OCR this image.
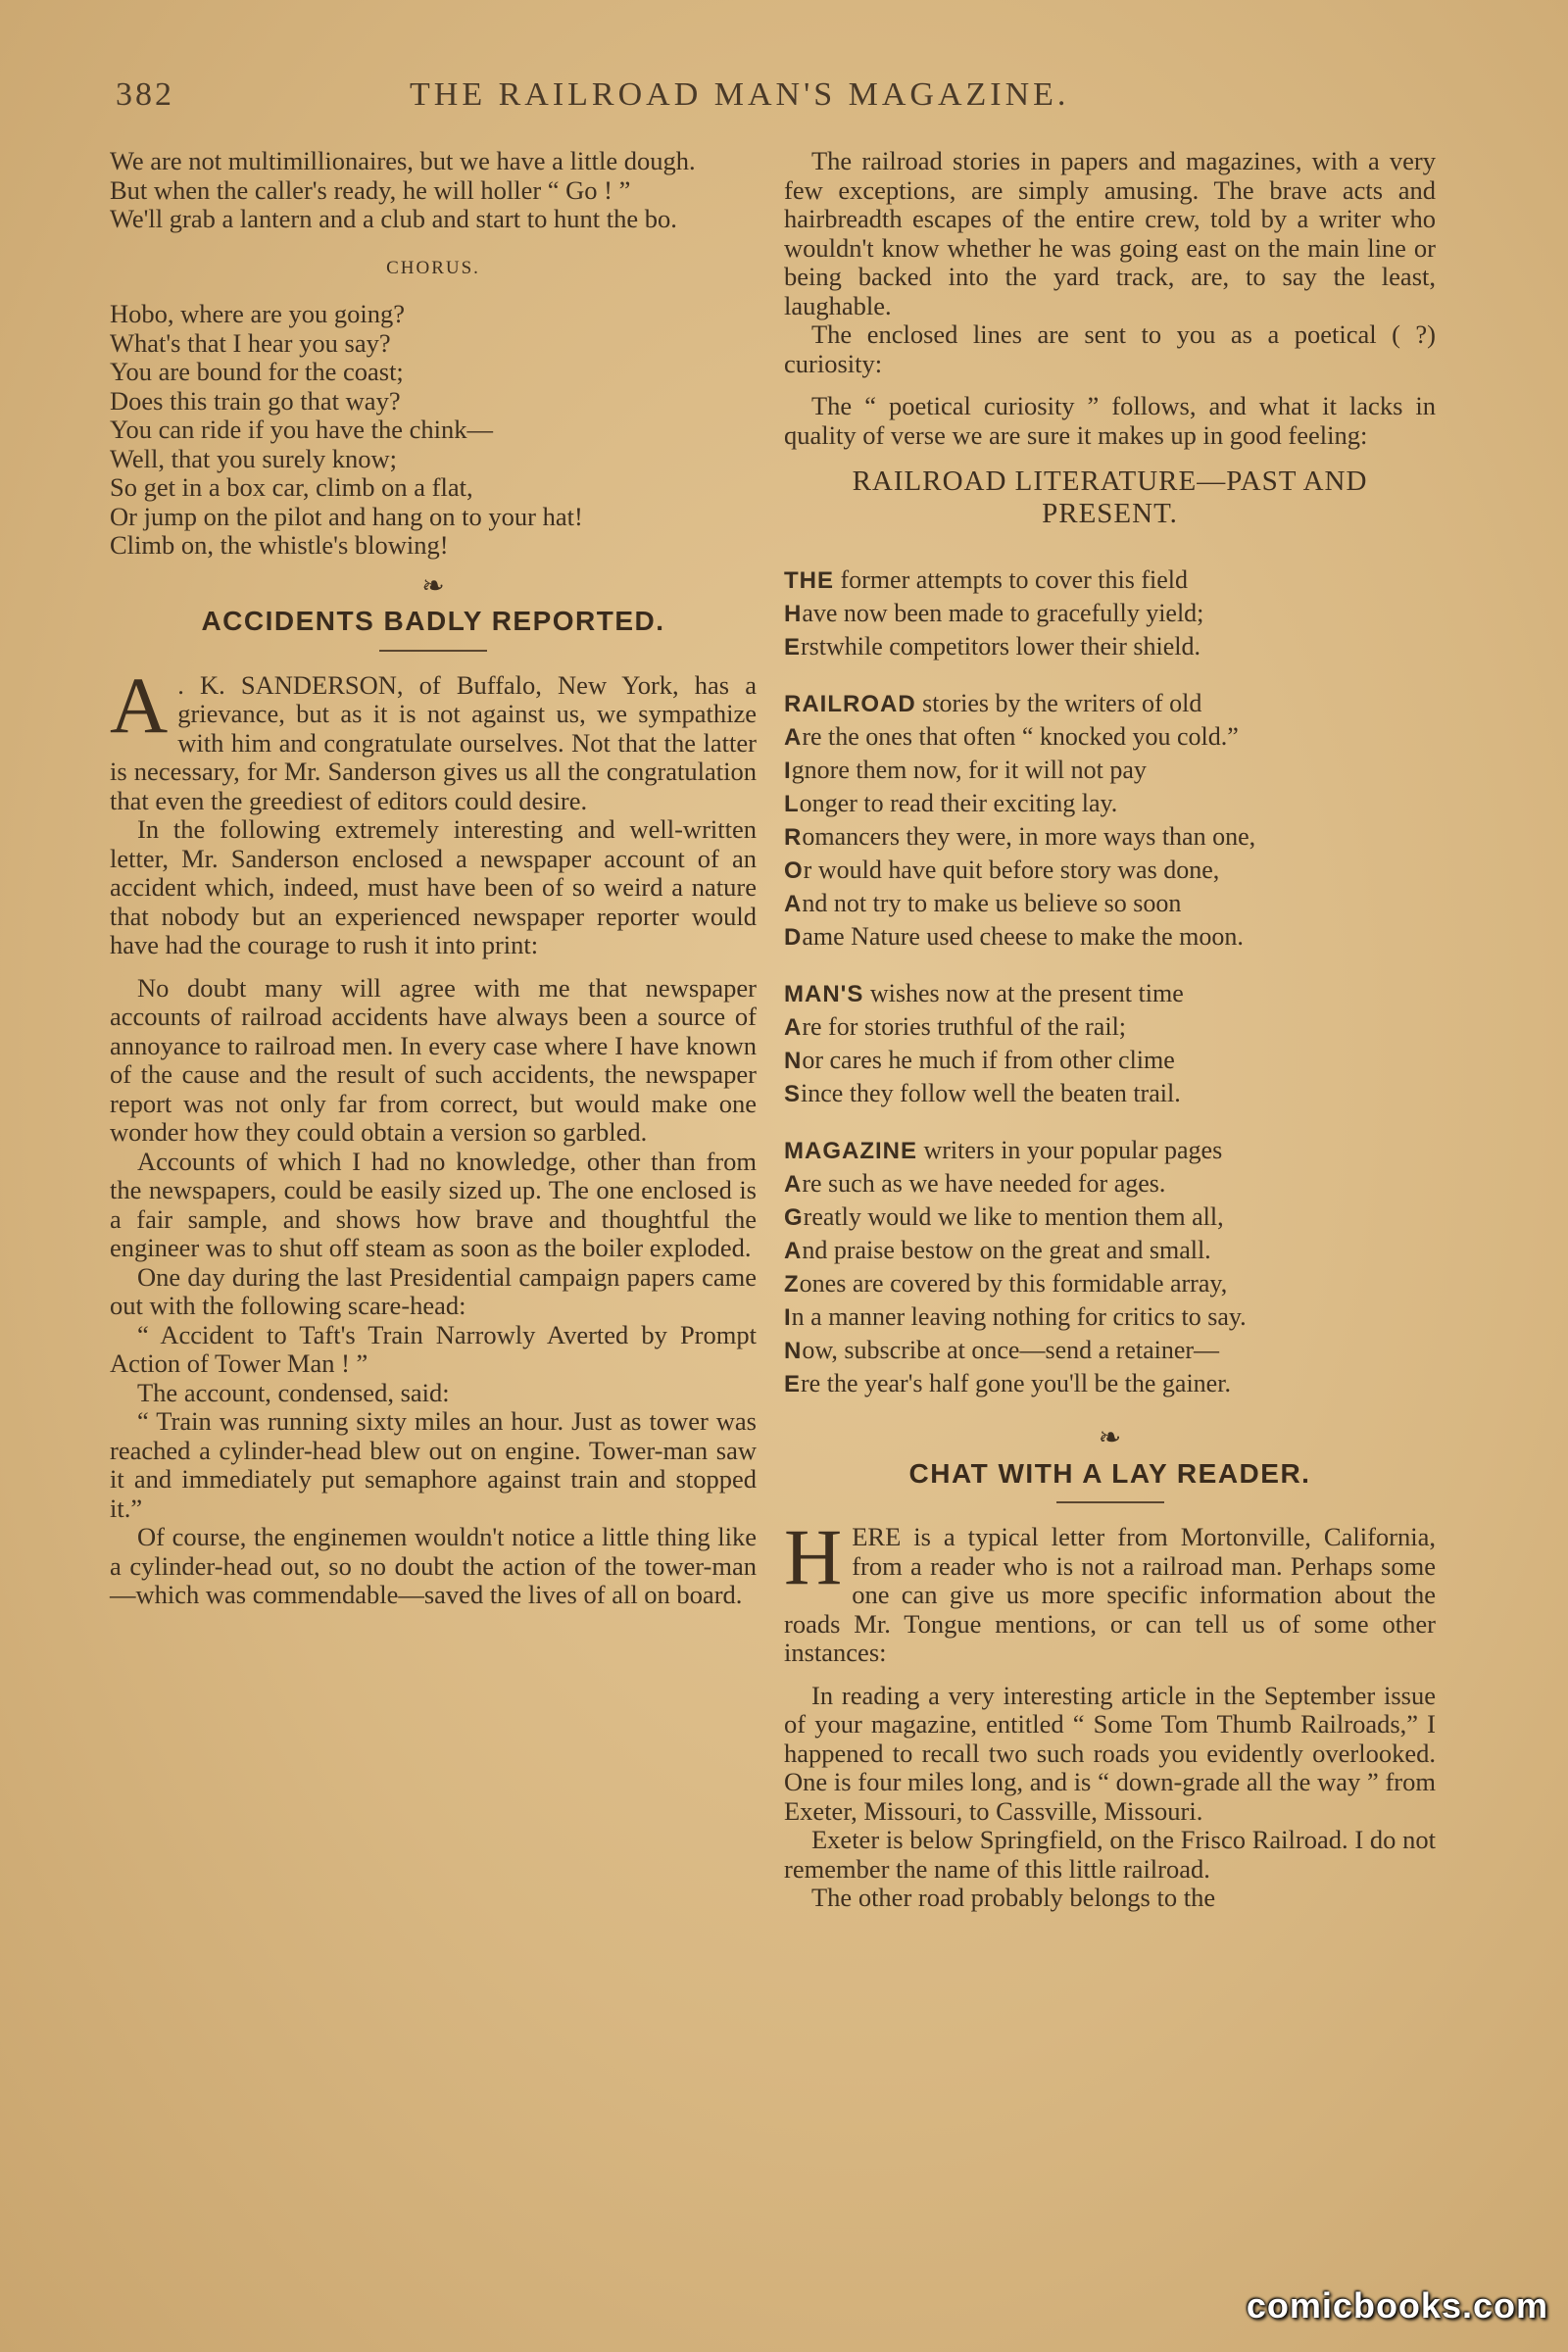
382	THE RAILROAD MAN'S MAGAZINE.

We are not multimillionaires, but we have a little dough.

But when the caller's ready, he will holler “ Go ! ”

We'll grab a lantern and a club and start to hunt the bo.

CHORUS.

Hobo, where are you going?

What's that I hear you say?

You are bound for the coast;

Does this train go that way?

You can ride if you have the chink—

Well, that you surely know;

So get in a box car, climb on a flat,

Or jump on the pilot and hang on to your hat!

Climb on, the whistle's blowing!

❧
ACCIDENTS BADLY REPORTED.

A . K. SANDERSON, of Buffalo, New York, has a grievance, but as it is not against us, we sympathize with him and congratulate ourselves. Not that the latter is necessary, for Mr. Sanderson gives us all the congratulation that even the greediest of editors could desire.

In the following extremely interesting and well-written letter, Mr. Sanderson enclosed a newspaper account of an accident which, indeed, must have been of so weird a nature that nobody but an experienced newspaper reporter would have had the courage to rush it into print:

No doubt many will agree with me that newspaper accounts of railroad accidents have always been a source of annoyance to railroad men. In every case where I have known of the cause and the result of such accidents, the newspaper report was not only far from correct, but would make one wonder how they could obtain a version so garbled.

Accounts of which I had no knowledge, other than from the newspapers, could be easily sized up. The one enclosed is a fair sample, and shows how brave and thoughtful the engineer was to shut off steam as soon as the boiler exploded.

One day during the last Presidential campaign papers came out with the following scare-head:

“ Accident to Taft's Train Narrowly Averted by Prompt Action of Tower Man ! ”

The account, condensed, said:

“ Train was running sixty miles an hour. Just as tower was reached a cylinder-head blew out on engine. Tower-man saw it and immediately put semaphore against train and stopped it.”

Of course, the enginemen wouldn't notice a little thing like a cylinder-head out, so no doubt the action of the tower-man—which was commendable—saved the lives of all on board.

The railroad stories in papers and magazines, with a very few exceptions, are simply amusing. The brave acts and hairbreadth escapes of the entire crew, told by a writer who wouldn't know whether he was going east on the main line or being backed into the yard track, are, to say the least, laughable.

The enclosed lines are sent to you as a poetical ( ?) curiosity:

The “ poetical curiosity ” follows, and what it lacks in quality of verse we are sure it makes up in good feeling:

RAILROAD LITERATURE—PAST AND PRESENT.
THE former attempts to cover this field
Have now been made to gracefully yield;
Erstwhile competitors lower their shield.
RAILROAD stories by the writers of old
Are the ones that often “ knocked you cold.”
Ignore them now, for it will not pay
Longer to read their exciting lay.
Romancers they were, in more ways than one,
Or would have quit before story was done,
And not try to make us believe so soon
Dame Nature used cheese to make the moon.
MAN'S wishes now at the present time
Are for stories truthful of the rail;
Nor cares he much if from other clime
Since they follow well the beaten trail.
MAGAZINE writers in your popular pages
Are such as we have needed for ages.
Greatly would we like to mention them all,
And praise bestow on the great and small.
Zones are covered by this formidable array,
In a manner leaving nothing for critics to say.
Now, subscribe at once—send a retainer—
Ere the year's half gone you'll be the gainer.
❧
CHAT WITH A LAY READER.

HERE is a typical letter from Mortonville, California, from a reader who is not a railroad man. Perhaps some one can give us more specific information about the roads Mr. Tongue mentions, or can tell us of some other instances:

In reading a very interesting article in the September issue of your magazine, entitled “ Some Tom Thumb Railroads,” I happened to recall two such roads you evidently overlooked. One is four miles long, and is “ down-grade all the way ” from Exeter, Missouri, to Cassville, Missouri.

Exeter is below Springfield, on the Frisco Railroad. I do not remember the name of this little railroad.

The other road probably belongs to the

comicbooks.com
